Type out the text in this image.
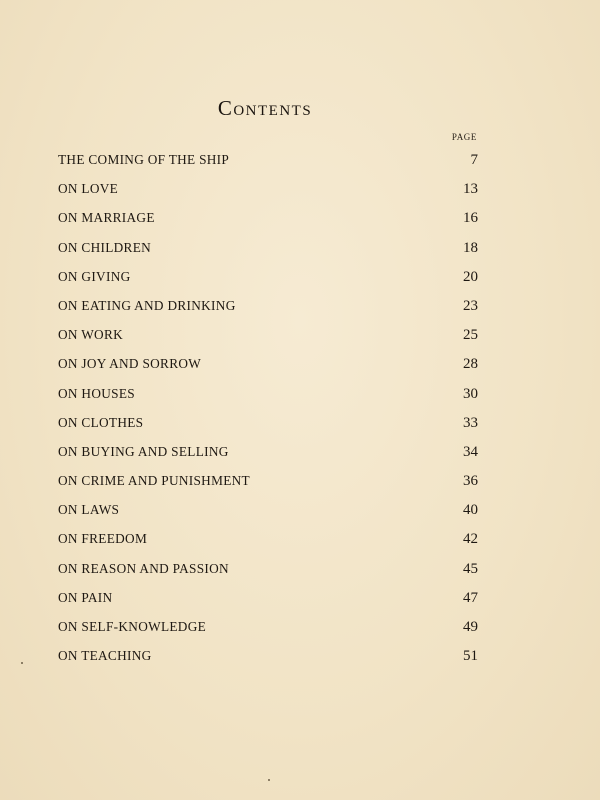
Contents
PAGE
THE COMING OF THE SHIP	7
ON LOVE	13
ON MARRIAGE	16
ON CHILDREN	18
ON GIVING	20
ON EATING AND DRINKING	23
ON WORK	25
ON JOY AND SORROW	28
ON HOUSES	30
ON CLOTHES	33
ON BUYING AND SELLING	34
ON CRIME AND PUNISHMENT	36
ON LAWS	40
ON FREEDOM	42
ON REASON AND PASSION	45
ON PAIN	47
ON SELF-KNOWLEDGE	49
ON TEACHING	51
